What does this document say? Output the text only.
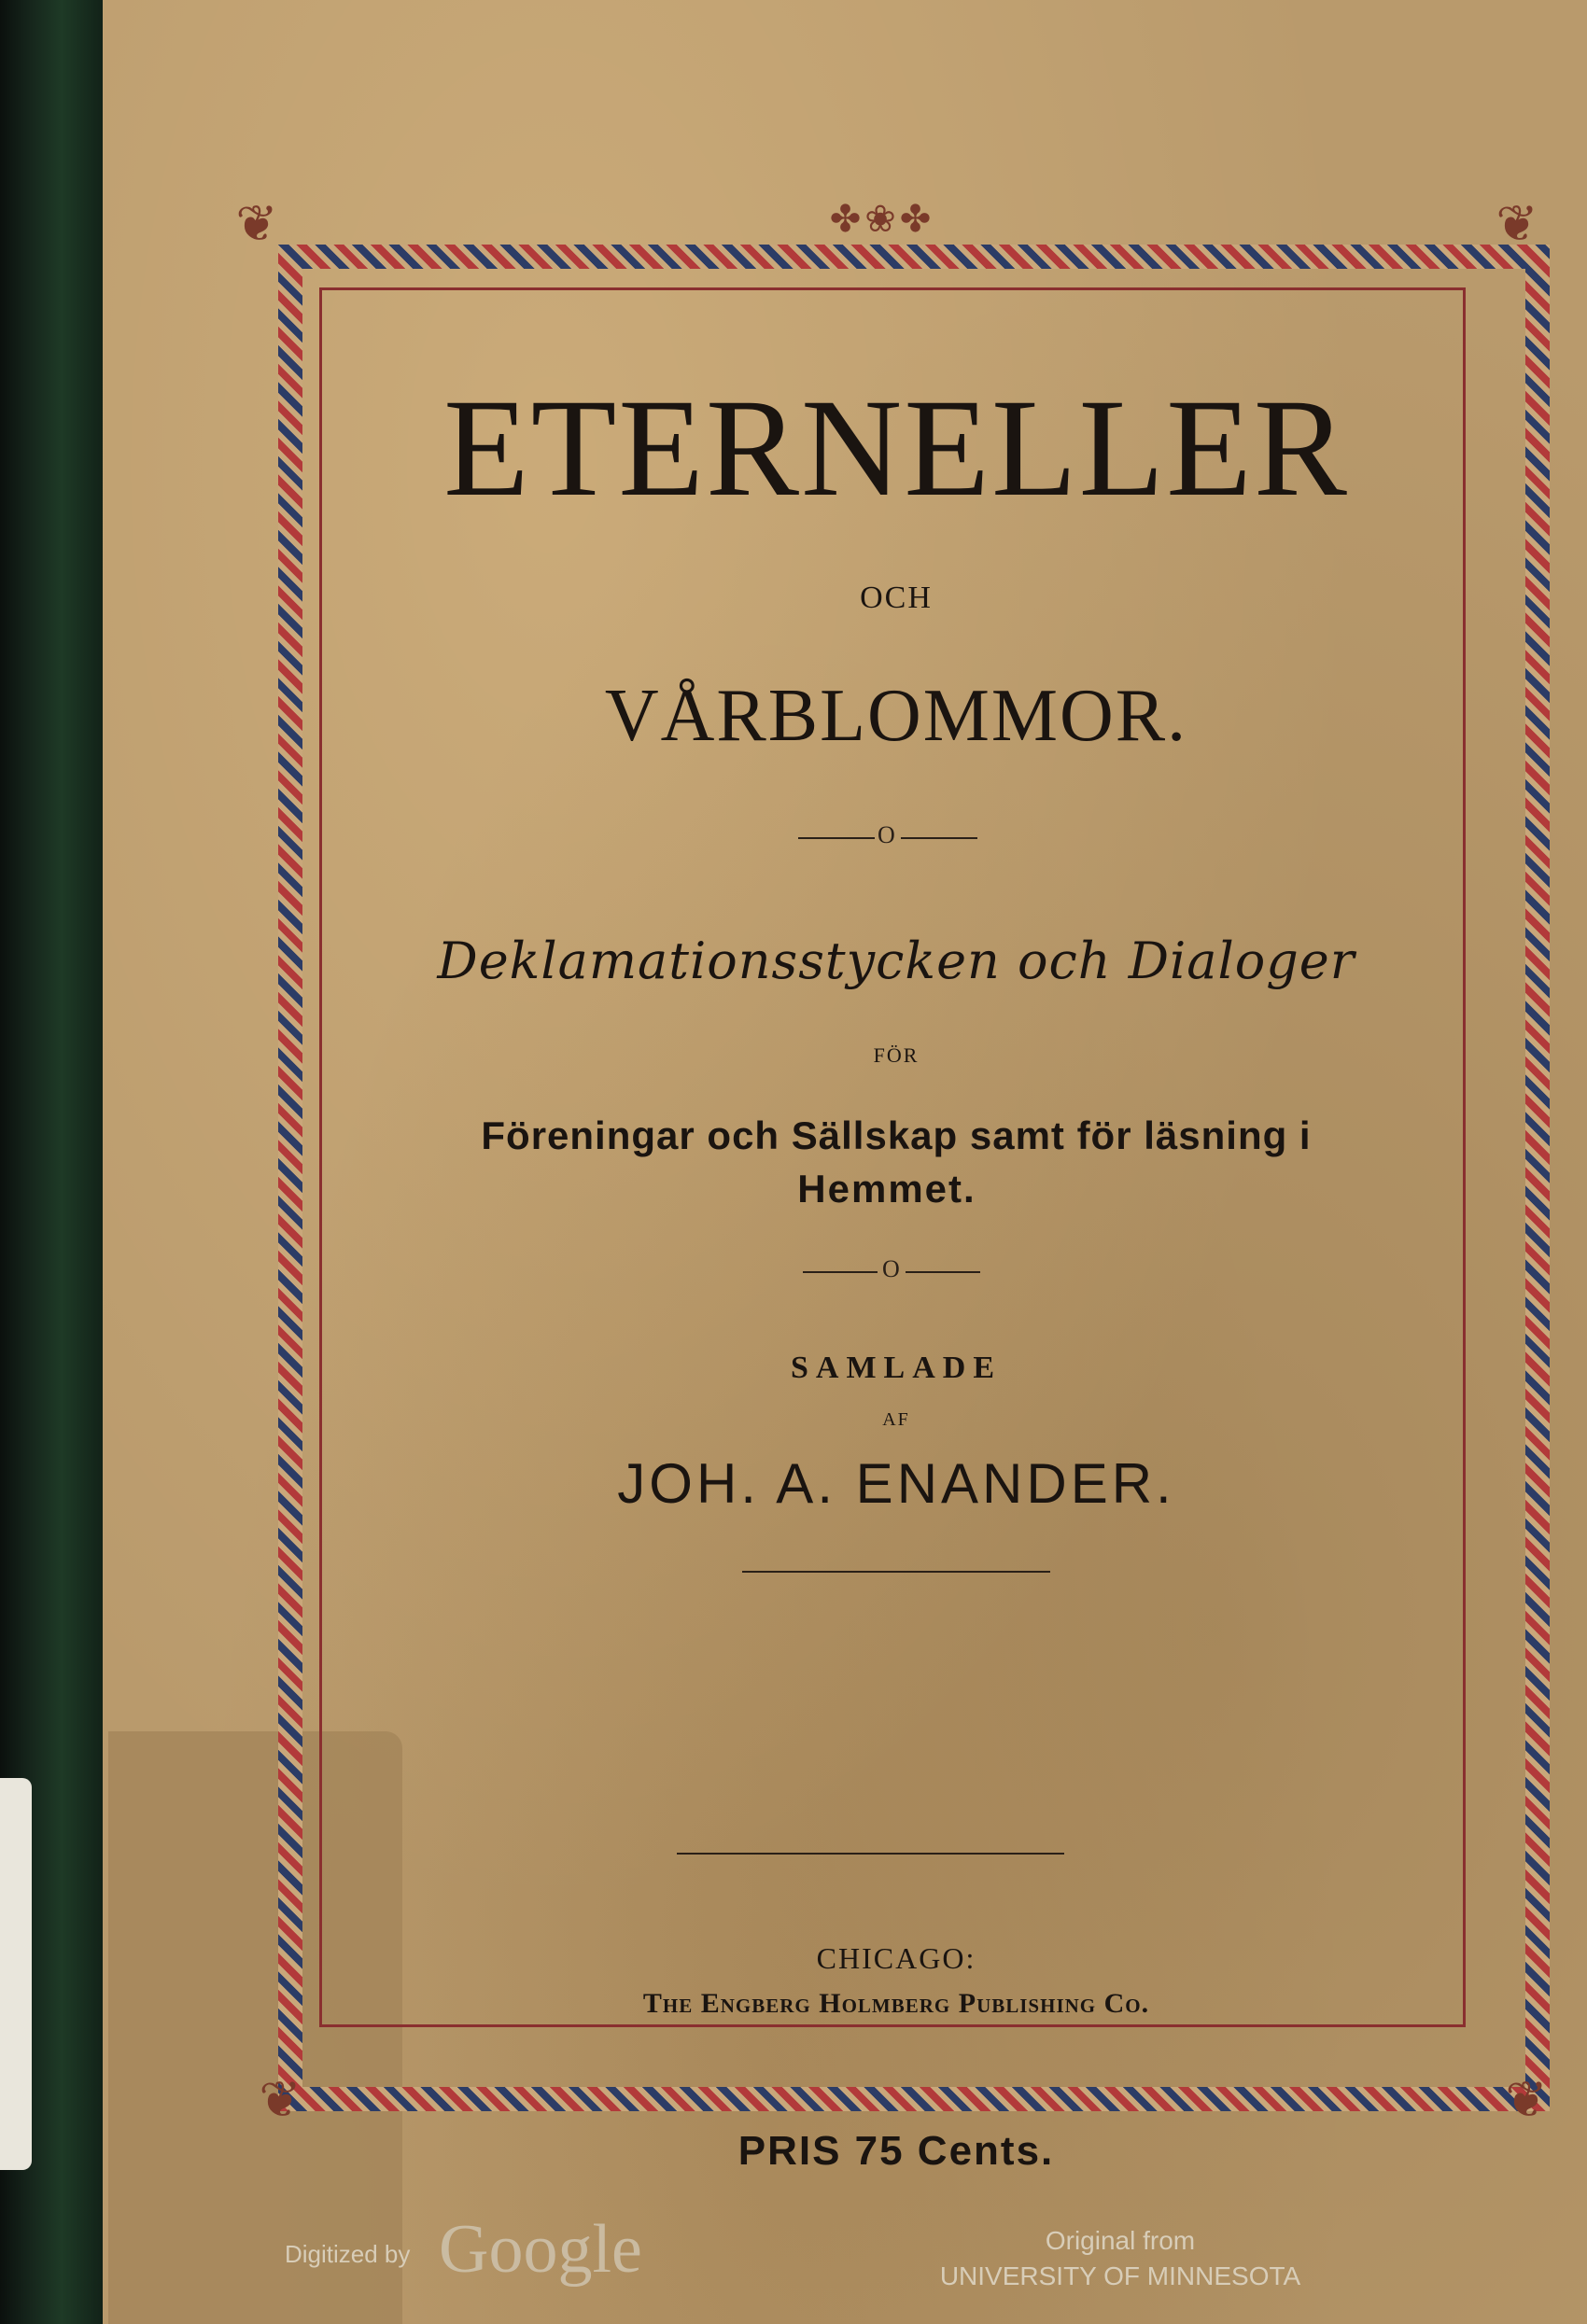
❦	❦
❦	❦
✤❀✤
ETERNELLER
OCH
VÅRBLOMMOR.
O
Deklamationsstycken och Dialoger
FÖR
Föreningar och Sällskap samt för läsning i
Hemmet.
O
SAMLADE
AF
JOH. A. ENANDER.
CHICAGO:
The Engberg Holmberg Publishing Co.
PRIS 75 Cents.
Digitized by Google	Original from
UNIVERSITY OF MINNESOTA
